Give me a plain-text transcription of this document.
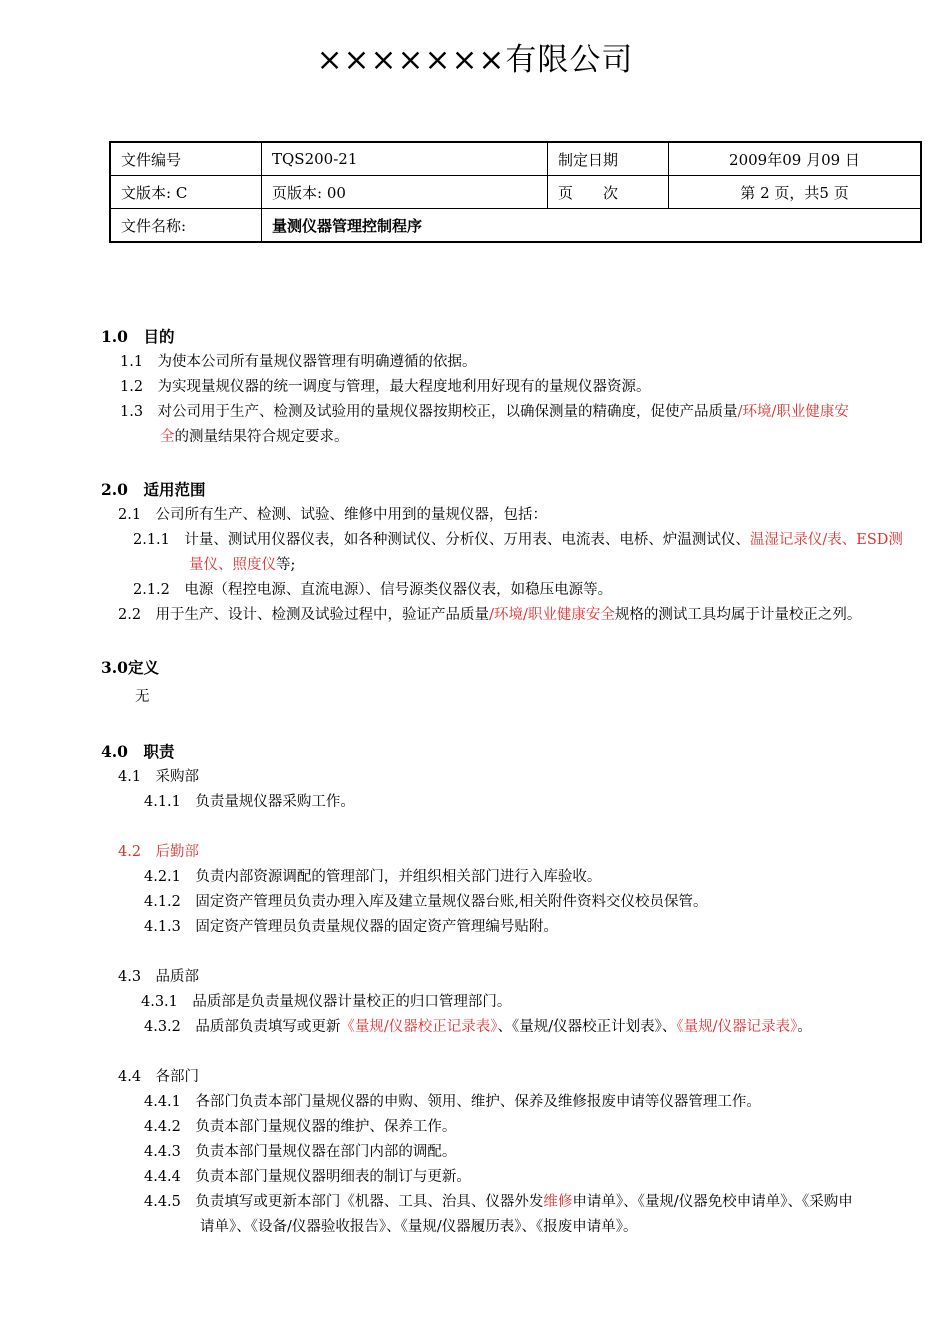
×××××××有限公司
文件编号	TQS200-21	制定日期	2009年09 月09 日
文版本: C	页版本: 00	页　　次	第 2 页，共5 页
文件名称:	量测仪器管理控制程序		
1.0　目的
1.1　为使本公司所有量规仪器管理有明确遵循的依据。
1.2　为实现量规仪器的统一调度与管理，最大程度地利用好现有的量规仪器资源。
1.3　对公司用于生产、检测及试验用的量规仪器按期校正，以确保测量的精确度，促使产品质量/环境/职业健康安
全的测量结果符合规定要求。
2.0　适用范围
2.1　公司所有生产、检测、试验、维修中用到的量规仪器，包括：
2.1.1　计量、测试用仪器仪表，如各种测试仪、分析仪、万用表、电流表、电桥、炉温测试仪、温湿记录仪/表、ESD测
量仪、照度仪等;
2.1.2　电源（程控电源、直流电源）、信号源类仪器仪表，如稳压电源等。
2.2　用于生产、设计、检测及试验过程中，验证产品质量/环境/职业健康安全规格的测试工具均属于计量校正之列。
3.0定义
无
4.0　职责
4.1　采购部
4.1.1　负责量规仪器采购工作。
4.2　后勤部
4.2.1　负责内部资源调配的管理部门，并组织相关部门进行入库验收。
4.1.2　固定资产管理员负责办理入库及建立量规仪器台账,相关附件资料交仪校员保管。
4.1.3　固定资产管理员负责量规仪器的固定资产管理编号贴附。
4.3　品质部
4.3.1　品质部是负责量规仪器计量校正的归口管理部门。
4.3.2　品质部负责填写或更新《量规/仪器校正记录表》、《量规/仪器校正计划表》、《量规/仪器记录表》。
4.4　各部门
4.4.1　各部门负责本部门量规仪器的申购、领用、维护、保养及维修报废申请等仪器管理工作。
4.4.2　负责本部门量规仪器的维护、保养工作。
4.4.3　负责本部门量规仪器在部门内部的调配。
4.4.4　负责本部门量规仪器明细表的制订与更新。
4.4.5　负责填写或更新本部门《机器、工具、治具、仪器外发维修申请单》、《量规/仪器免校申请单》、《采购申
请单》、《设备/仪器验收报告》、《量规/仪器履历表》、《报废申请单》。
